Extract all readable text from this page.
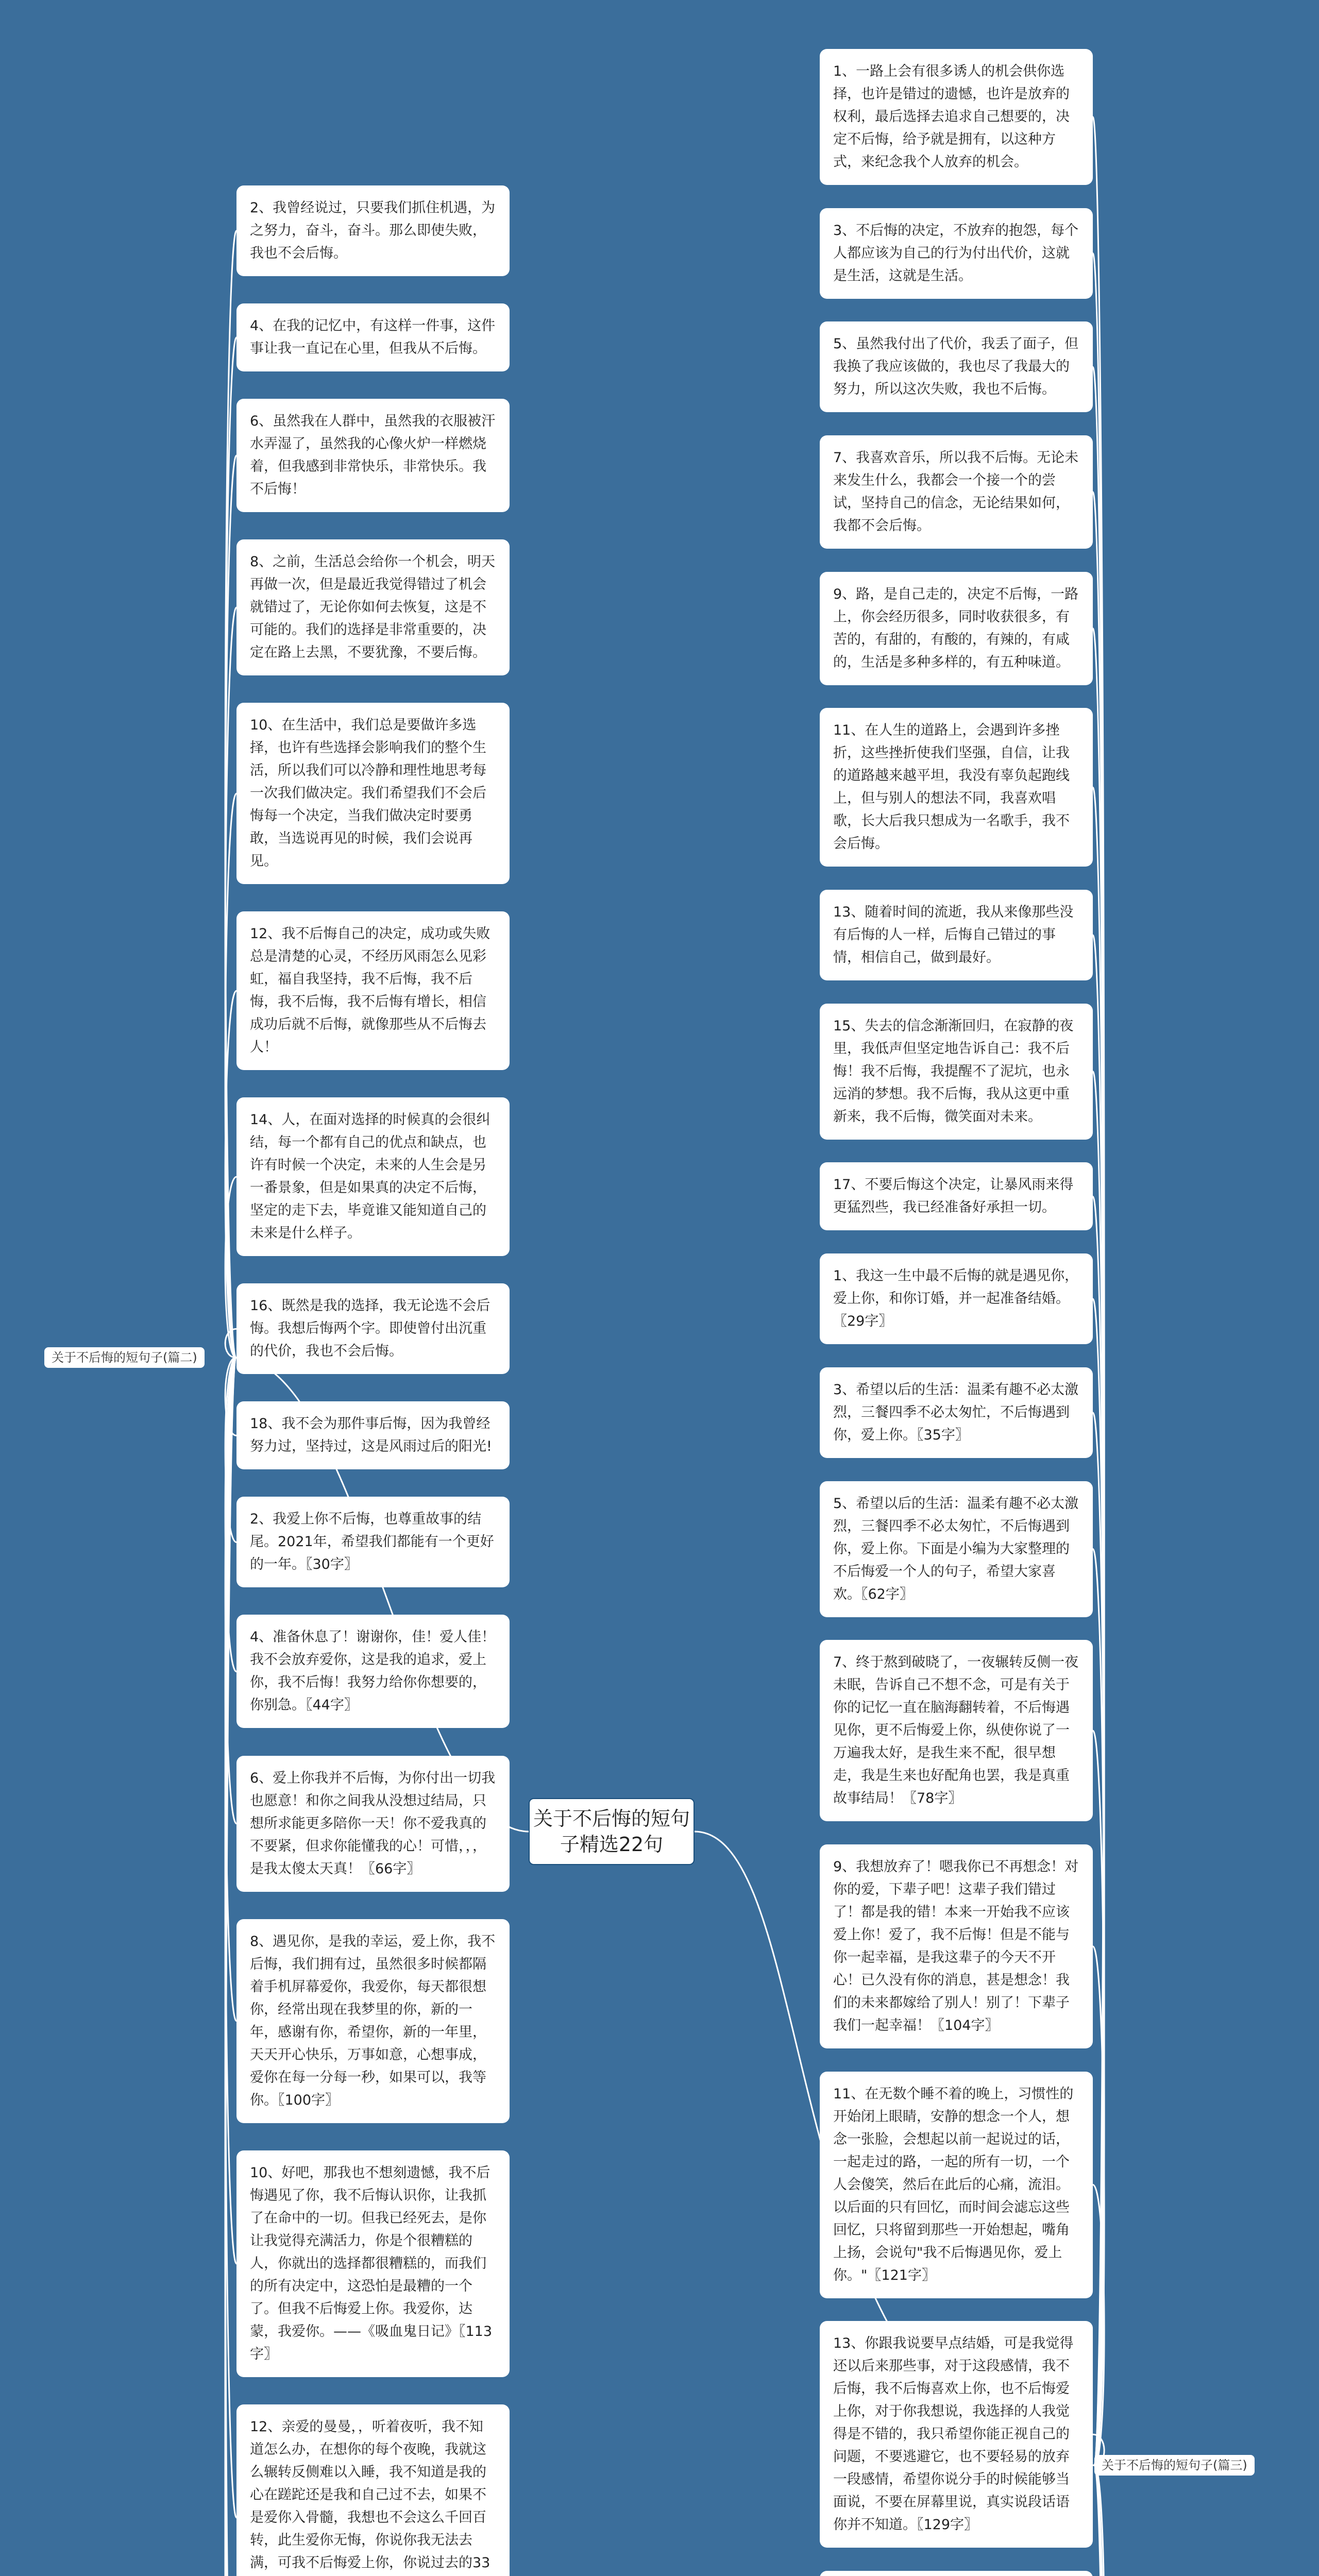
关于不后悔的短句子精选22句
关于不后悔的短句子(篇二)
关于不后悔的短句子(篇三)
2、我曾经说过，只要我们抓住机遇，为之努力，奋斗，奋斗。那么即使失败，我也不会后悔。
4、在我的记忆中，有这样一件事，这件事让我一直记在心里，但我从不后悔。
6、虽然我在人群中，虽然我的衣服被汗水弄湿了，虽然我的心像火炉一样燃烧着，但我感到非常快乐，非常快乐。我不后悔！
8、之前，生活总会给你一个机会，明天再做一次，但是最近我觉得错过了机会就错过了，无论你如何去恢复，这是不可能的。我们的选择是非常重要的，决定在路上去黑，不要犹豫，不要后悔。
10、在生活中，我们总是要做许多选择，也许有些选择会影响我们的整个生活，所以我们可以冷静和理性地思考每一次我们做决定。我们希望我们不会后悔每一个决定，当我们做决定时要勇敢，当选说再见的时候，我们会说再见。
12、我不后悔自己的决定，成功或失败总是清楚的心灵，不经历风雨怎么见彩虹，福自我坚持，我不后悔，我不后悔，我不后悔，我不后悔有增长，相信成功后就不后悔，就像那些从不后悔去人！
14、人，在面对选择的时候真的会很纠结，每一个都有自己的优点和缺点，也许有时候一个决定，未来的人生会是另一番景象，但是如果真的决定不后悔，坚定的走下去，毕竟谁又能知道自己的未来是什么样子。
16、既然是我的选择，我无论选不会后悔。我想后悔两个字。即使曾付出沉重的代价，我也不会后悔。
18、我不会为那件事后悔，因为我曾经努力过，坚持过，这是风雨过后的阳光!
2、我爱上你不后悔，也尊重故事的结尾。2021年，希望我们都能有一个更好的一年。〖30字〗
4、准备休息了！谢谢你，佳！爱人佳！我不会放弃爱你，这是我的追求，爱上你，我不后悔！我努力给你你想要的，你别急。〖44字〗
6、爱上你我并不后悔，为你付出一切我也愿意！和你之间我从没想过结局，只想所求能更多陪你一天！你不爱我真的不要紧，但求你能懂我的心！可惜，，，是我太傻太天真！〖66字〗
8、遇见你，是我的幸运，爱上你，我不后悔，我们拥有过，虽然很多时候都隔着手机屏幕爱你，我爱你，每天都很想你，经常出现在我梦里的你，新的一年，感谢有你，希望你，新的一年里，天天开心快乐，万事如意，心想事成，爱你在每一分每一秒，如果可以，我等你。〖100字〗
10、好吧，那我也不想刻遗憾，我不后悔遇见了你，我不后悔认识你，让我抓了在命中的一切。但我已经死去，是你让我觉得充满活力，你是个很糟糕的人，你就出的选择都很糟糕的，而我们的所有决定中，这恐怕是最糟的一个了。但我不后悔爱上你。我爱你，达蒙，我爱你。——《吸血鬼日记》〖113字〗
12、亲爱的曼曼，，听着夜听，我不知道怎么办，在想你的每个夜晚，我就这么辗转反侧难以入睡，我不知道是我的心在蹉跎还是我和自己过不去，如果不是爱你入骨髓，我想也不会这么千回百转，此生爱你无悔，你说你我无法去满，可我不后悔爱上你，你说过去的33
1、一路上会有很多诱人的机会供你选择，也许是错过的遗憾，也许是放弃的权利，最后选择去追求自己想要的，决定不后悔，给予就是拥有，以这种方式，来纪念我个人放弃的机会。
3、不后悔的决定，不放弃的抱怨，每个人都应该为自己的行为付出代价，这就是生活，这就是生活。
5、虽然我付出了代价，我丢了面子，但我换了我应该做的，我也尽了我最大的努力，所以这次失败，我也不后悔。
7、我喜欢音乐，所以我不后悔。无论未来发生什么，我都会一个接一个的尝试，坚持自己的信念，无论结果如何，我都不会后悔。
9、路，是自己走的，决定不后悔，一路上，你会经历很多，同时收获很多，有苦的，有甜的，有酸的，有辣的，有咸的，生活是多种多样的，有五种味道。
11、在人生的道路上，会遇到许多挫折，这些挫折使我们坚强，自信，让我的道路越来越平坦，我没有辜负起跑线上，但与别人的想法不同，我喜欢唱歌，长大后我只想成为一名歌手，我不会后悔。
13、随着时间的流逝，我从来像那些没有后悔的人一样，后悔自己错过的事情，相信自己，做到最好。
15、失去的信念渐渐回归，在寂静的夜里，我低声但坚定地告诉自己：我不后悔！我不后悔，我提醒不了泥坑，也永远消的梦想。我不后悔，我从这更中重新来，我不后悔，微笑面对未来。
17、不要后悔这个决定，让暴风雨来得更猛烈些，我已经准备好承担一切。
1、我这一生中最不后悔的就是遇见你，爱上你，和你订婚，并一起准备结婚。〖29字〗
3、希望以后的生活：温柔有趣不必太激烈，三餐四季不必太匆忙，不后悔遇到你，爱上你。〖35字〗
5、希望以后的生活：温柔有趣不必太激烈，三餐四季不必太匆忙，不后悔遇到你，爱上你。下面是小编为大家整理的不后悔爱一个人的句子，希望大家喜欢。〖62字〗
7、终于熬到破晓了，一夜辗转反侧一夜未眠，告诉自己不想不念，可是有关于你的记忆一直在脑海翻转着，不后悔遇见你，更不后悔爱上你，纵使你说了一万遍我太好，是我生来不配，很早想走，我是生来也好配角也罢，我是真重故事结局！〖78字〗
9、我想放弃了！嗯我你已不再想念！对你的爱，下辈子吧！这辈子我们错过了！都是我的错！本来一开始我不应该爱上你！爱了，我不后悔！但是不能与你一起幸福，是我这辈子的今天不开心！已久没有你的消息，甚是想念！我们的未来都嫁给了别人！别了！下辈子我们一起幸福！〖104字〗
11、在无数个睡不着的晚上，习惯性的开始闭上眼睛，安静的想念一个人，想念一张脸，会想起以前一起说过的话，一起走过的路，一起的所有一切，一个人会傻笑，然后在此后的心痛，流泪。以后面的只有回忆，而时间会滤忘这些回忆，只将留到那些一开始想起，嘴角上扬，会说句"我不后悔遇见你，爱上你。"〖121字〗
13、你跟我说要早点结婚，可是我觉得还以后来那些事，对于这段感情，我不后悔，我不后悔喜欢上你，也不后悔爱上你，对于你我想说，我选择的人我觉得是不错的，我只希望你能正视自己的问题，不要逃避它，也不要轻易的放弃一段感情，希望你说分手的时候能够当面说，不要在屏幕里说，真实说段话语你并不知道。〖129字〗
